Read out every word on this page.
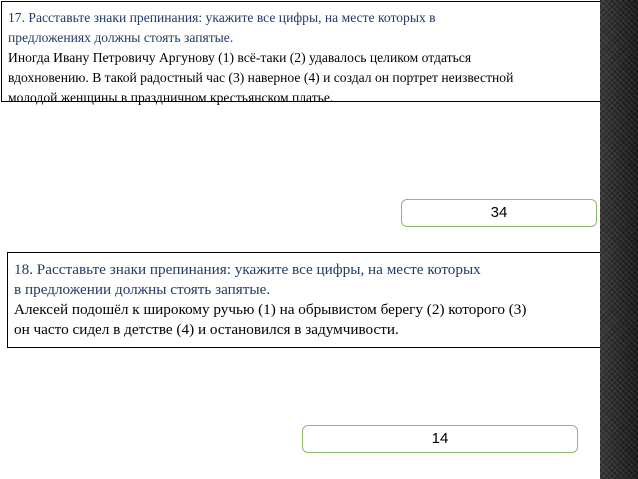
17. Расставьте знаки препинания: укажите все цифры, на месте которых в
предложениях должны стоять запятые.
Иногда Ивану Петровичу Аргунову (1) всё-таки (2) удавалось целиком отдаться
вдохновению. В такой радостный час (3) наверное (4) и создал он портрет неизвестной
молодой женщины в праздничном крестьянском платье.
34
18. Расставьте знаки препинания: укажите все цифры, на месте которых
в предложении должны стоять запятые.
Алексей подошёл к широкому ручью (1) на обрывистом берегу (2) которого (3)
он часто сидел в детстве (4) и остановился в задумчивости.
14
